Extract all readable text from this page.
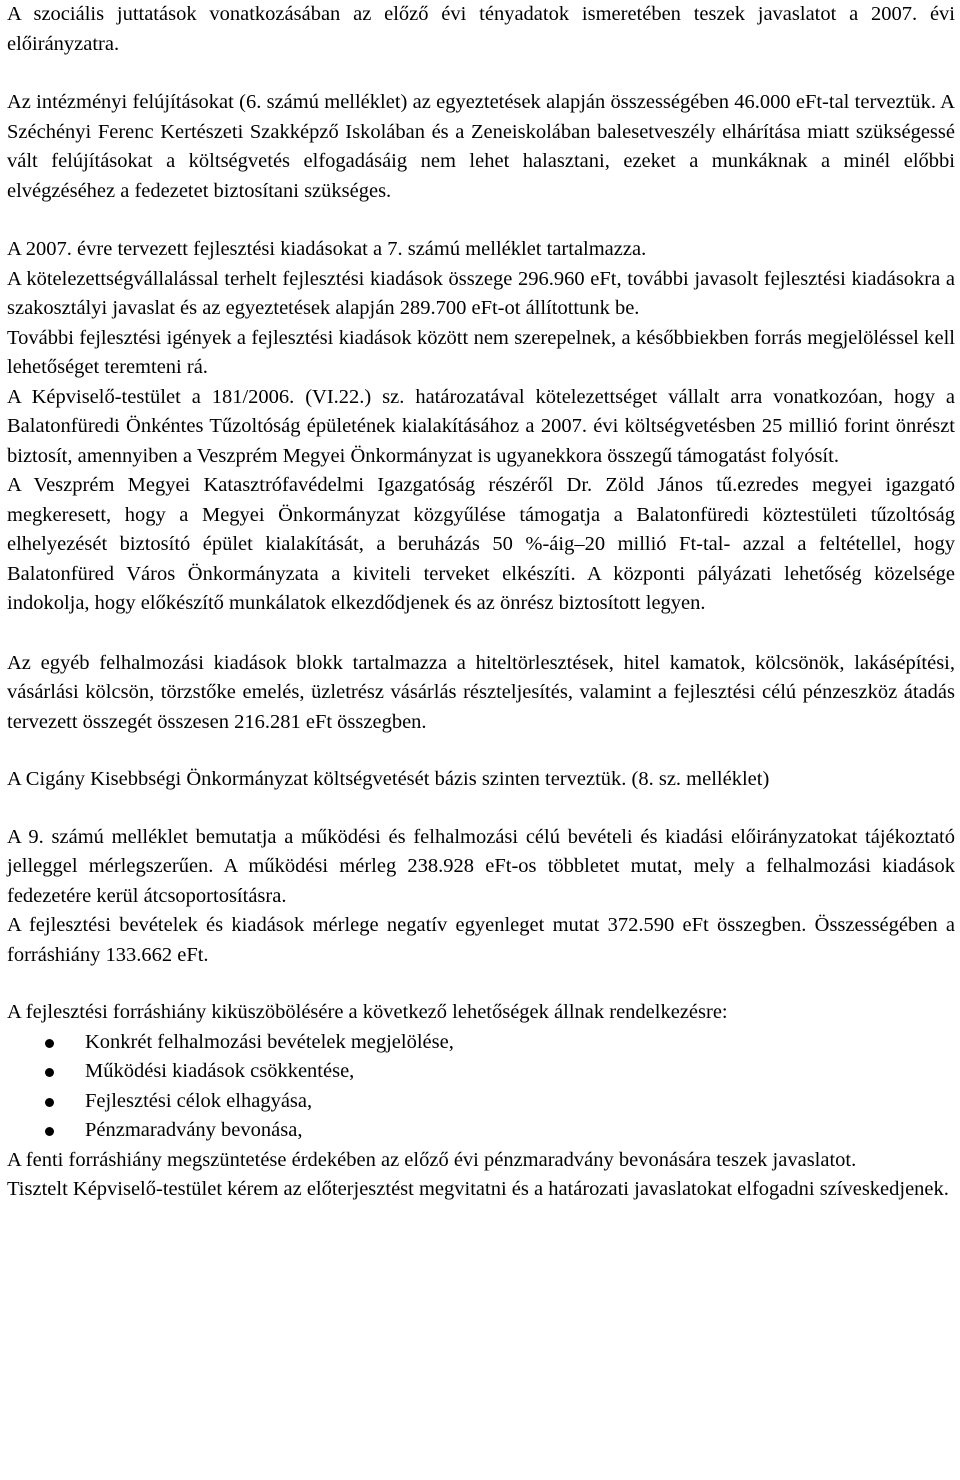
A szociális juttatások vonatkozásában az előző évi tényadatok ismeretében teszek javaslatot a 2007. évi előirányzatra.

Az intézményi felújításokat (6. számú melléklet) az egyeztetések alapján összességében 46.000 eFt-tal terveztük. A Széchényi Ferenc Kertészeti Szakképző Iskolában és a Zeneiskolában balesetveszély elhárítása miatt szükségessé vált felújításokat a költségvetés elfogadásáig nem lehet halasztani, ezeket a munkáknak a minél előbbi elvégzéséhez a fedezetet biztosítani szükséges.

A 2007. évre tervezett fejlesztési kiadásokat a 7. számú melléklet tartalmazza.

A kötelezettségvállalással terhelt fejlesztési kiadások összege 296.960 eFt, további javasolt fejlesztési kiadásokra a szakosztályi javaslat és az egyeztetések alapján 289.700 eFt-ot állítottunk be.

További fejlesztési igények a fejlesztési kiadások között nem szerepelnek, a későbbiekben forrás megjelöléssel kell lehetőséget teremteni rá.

A Képviselő-testület a 181/2006. (VI.22.) sz. határozatával kötelezettséget vállalt arra vonatkozóan, hogy a Balatonfüredi Önkéntes Tűzoltóság épületének kialakításához a 2007. évi költségvetésben 25 millió forint önrészt biztosít, amennyiben a Veszprém Megyei Önkormányzat is ugyanekkora összegű támogatást folyósít.

A Veszprém Megyei Katasztrófavédelmi Igazgatóság részéről Dr. Zöld János tű.ezredes megyei igazgató megkeresett, hogy a Megyei Önkormányzat közgyűlése támogatja a Balatonfüredi köztestületi tűzoltóság elhelyezését biztosító épület kialakítását, a beruházás 50 %-áig–20 millió Ft-tal- azzal a feltétellel, hogy Balatonfüred Város Önkormányzata a kiviteli terveket elkészíti. A központi pályázati lehetőség közelsége indokolja, hogy előkészítő munkálatok elkezdődjenek és az önrész biztosított legyen.

Az egyéb felhalmozási kiadások blokk tartalmazza a hiteltörlesztések, hitel kamatok, kölcsönök, lakásépítési, vásárlási kölcsön, törzstőke emelés, üzletrész vásárlás részteljesítés, valamint a fejlesztési célú pénzeszköz átadás tervezett összegét összesen 216.281 eFt összegben.

A Cigány Kisebbségi Önkormányzat költségvetését bázis szinten terveztük. (8. sz. melléklet)

A 9. számú melléklet bemutatja a működési és felhalmozási célú bevételi és kiadási előirányzatokat tájékoztató jelleggel mérlegszerűen. A működési mérleg 238.928 eFt-os többletet mutat, mely a felhalmozási kiadások fedezetére kerül átcsoportosításra.

A fejlesztési bevételek és kiadások mérlege negatív egyenleget mutat 372.590 eFt összegben. Összességében a forráshiány 133.662 eFt.

A fejlesztési forráshiány kiküszöbölésére a következő lehetőségek állnak rendelkezésre:

Konkrét felhalmozási bevételek megjelölése,
Működési kiadások csökkentése,
Fejlesztési célok elhagyása,
Pénzmaradvány bevonása,

A fenti forráshiány megszüntetése érdekében az előző évi pénzmaradvány bevonására teszek javaslatot.

Tisztelt Képviselő-testület kérem az előterjesztést megvitatni és a határozati javaslatokat elfogadni szíveskedjenek.
